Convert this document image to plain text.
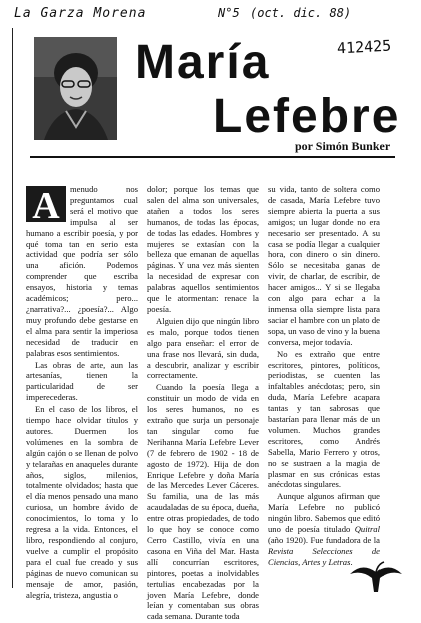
La Garza Morena	N°5 (oct. dic. 88)
412425
María
Lefebre
por Simón Bunker
A	menudo nos preguntamos cual será el motivo que impulsa al ser humano a escribir poesía, y por qué toma tan en serio esta actividad que podría ser sólo una afición. Podemos comprender que escriba ensayos, historia y temas académicos; pero... ¿narrativa?... ¿poesía?... Algo muy profundo debe gestarse en el alma para sentir la imperiosa necesidad de traducir en palabras esos sentimientos.

Las obras de arte, aun las artesanías, tienen la particularidad de ser imperecederas.

En el caso de los libros, el tiempo hace olvidar títulos y autores. Duermen los volúmenes en la sombra de algún cajón o se llenan de polvo y telarañas en anaqueles durante años, siglos, milenios, totalmente olvidados; hasta que el día menos pensado una mano curiosa, un hombre ávido de conocimientos, lo toma y lo regresa a la vida. Entonces, el libro, respondiendo al conjuro, vuelve a cumplir el propósito para el cual fue creado y sus páginas de nuevo comunican su mensaje de amor, pasión, alegría, tristeza, angustia o

dolor; porque los temas que salen del alma son universales, atañen a todos los seres humanos, de todas las épocas, de todas las edades. Hombres y mujeres se extasían con la belleza que emanan de aquellas páginas. Y una vez más sienten la necesidad de expresar con palabras aquellos sentimientos que le atormentan: renace la poesía.

Alguien dijo que ningún libro es malo, porque todos tienen algo para enseñar: el error de una frase nos llevará, sin duda, a descubrir, analizar y escribir correctamente.

Cuando la poesía llega a constituir un modo de vida en los seres humanos, no es extraño que surja un personaje tan singular como fue Nerihanna María Lefebre Lever (7 de febrero de 1902 - 18 de agosto de 1972). Hija de don Enrique Lefebre y doña María de las Mercedes Lever Cáceres. Su familia, una de las más acaudaladas de su época, dueña, entre otras propiedades, de todo lo que hoy se conoce como Cerro Castillo, vivía en una casona en Viña del Mar. Hasta allí concurrían escritores, pintores, poetas a inolvidables tertulias encabezadas por la joven María Lefebre, donde leían y comentaban sus obras cada semana. Durante toda

su vida, tanto de soltera como de casada, María Lefebre tuvo siempre abierta la puerta a sus amigos; un lugar donde no era necesario ser presentado. A su casa se podía llegar a cualquier hora, con dinero o sin dinero. Sólo se necesitaba ganas de vivir, de charlar, de escribir, de hacer amigos... Y si se llegaba con algo para echar a la inmensa olla siempre lista para saciar el hambre con un plato de sopa, un vaso de vino y la buena conversa, mejor todavía.

No es extraño que entre escritores, pintores, políticos, periodistas, se cuenten las infaltables anécdotas; pero, sin duda, María Lefebre acapara tantas y tan sabrosas que bastarían para llenar más de un volumen. Muchos grandes escritores, como Andrés Sabella, Mario Ferrero y otros, no se sustraen a la magia de plasmar en sus crónicas estas anécdotas singulares.

Aunque algunos afirman que María Lefebre no publicó ningún libro. Sabemos que editó uno de poesía titulado Quitral (año 1920). Fue fundadora de la Revista Selecciones de Ciencias, Artes y Letras.

17
